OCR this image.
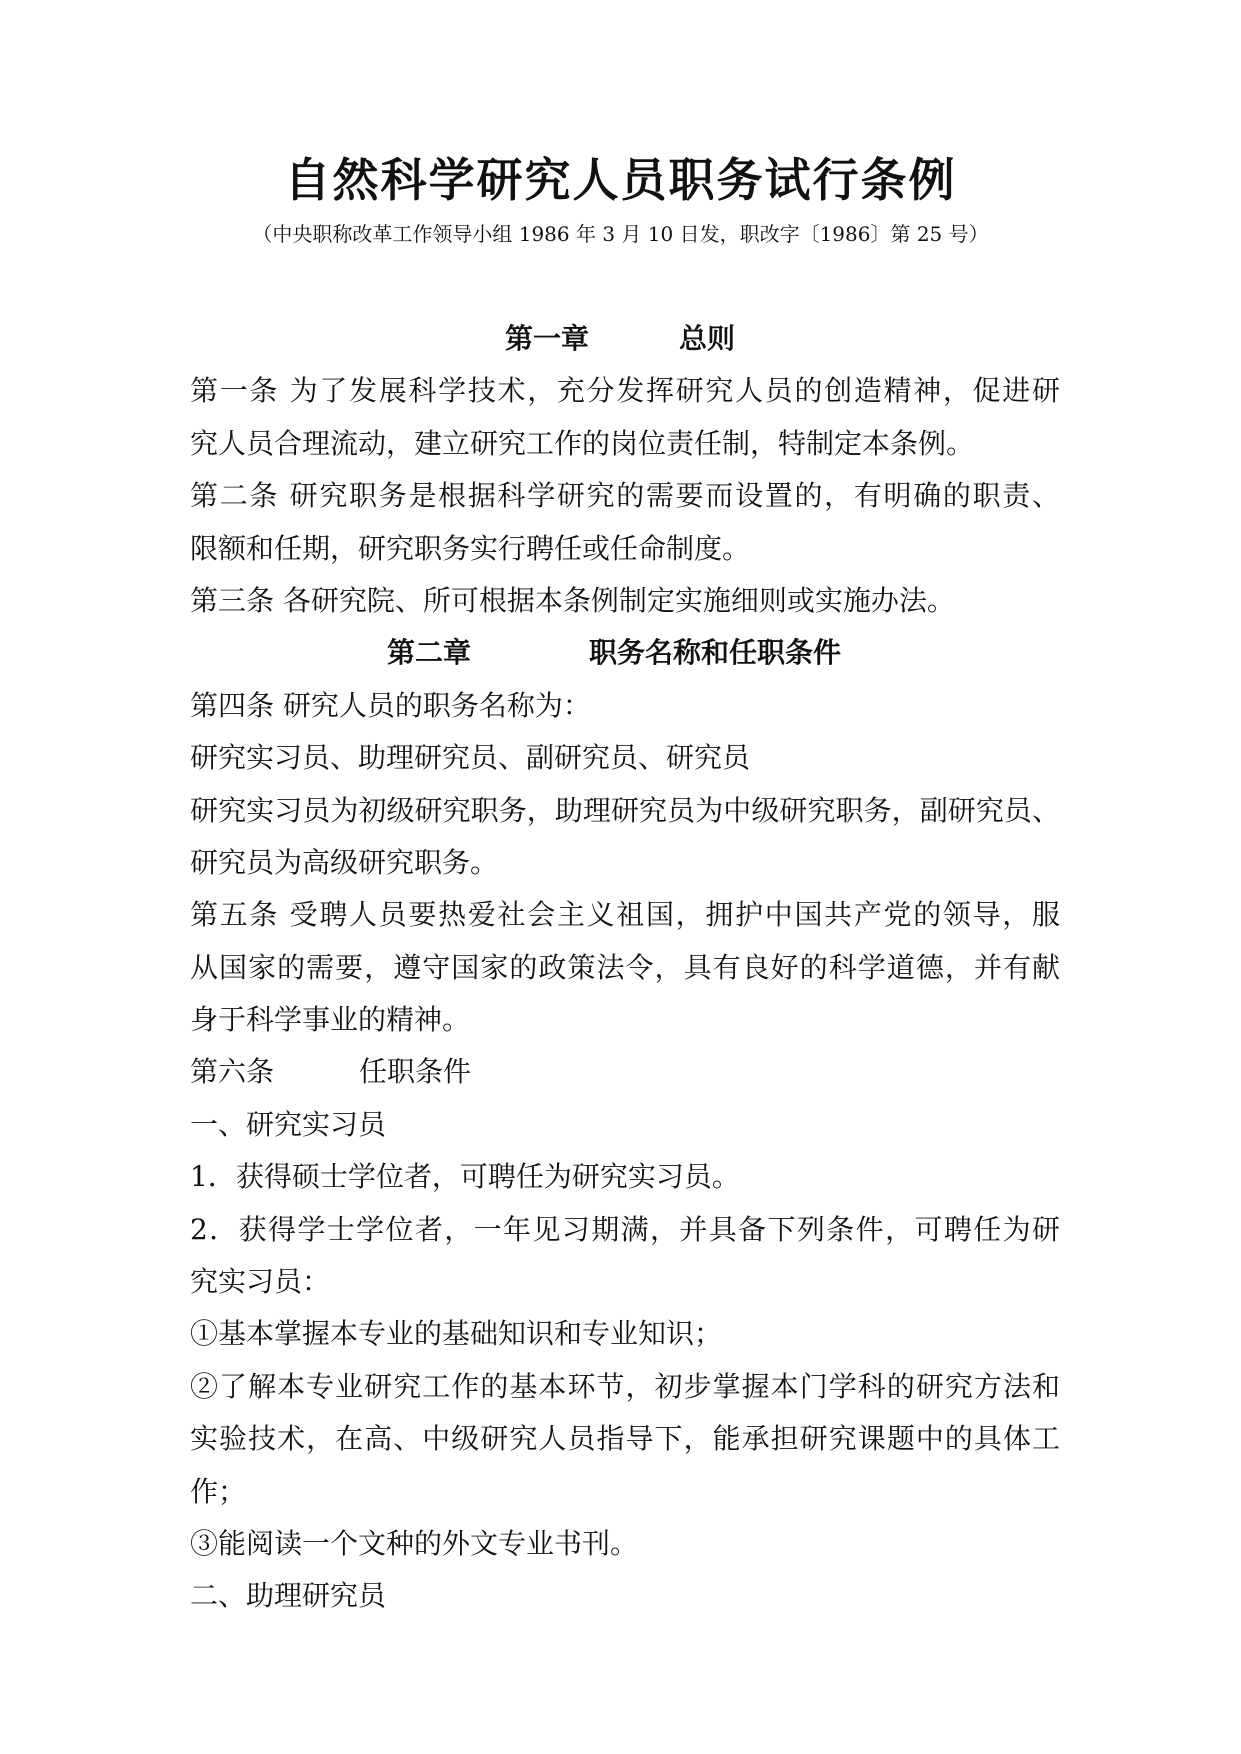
自然科学研究人员职务试行条例
（中央职称改革工作领导小组 1986 年 3 月 10 日发，职改字〔1986〕第 25 号）
第一章	总则
第一条 为了发展科学技术，充分发挥研究人员的创造精神，促进研
究人员合理流动，建立研究工作的岗位责任制，特制定本条例。
第二条 研究职务是根据科学研究的需要而设置的，有明确的职责、
限额和任期，研究职务实行聘任或任命制度。
第三条 各研究院、所可根据本条例制定实施细则或实施办法。
第二章	职务名称和任职条件
第四条 研究人员的职务名称为：
研究实习员、助理研究员、副研究员、研究员
研究实习员为初级研究职务，助理研究员为中级研究职务，副研究员、
研究员为高级研究职务。
第五条 受聘人员要热爱社会主义祖国，拥护中国共产党的领导，服
从国家的需要，遵守国家的政策法令，具有良好的科学道德，并有献
身于科学事业的精神。
第六条	任职条件
一、研究实习员
1．获得硕士学位者，可聘任为研究实习员。
2．获得学士学位者，一年见习期满，并具备下列条件，可聘任为研
究实习员：
①基本掌握本专业的基础知识和专业知识；
②了解本专业研究工作的基本环节，初步掌握本门学科的研究方法和
实验技术，在高、中级研究人员指导下，能承担研究课题中的具体工
作；
③能阅读一个文种的外文专业书刊。
二、助理研究员
